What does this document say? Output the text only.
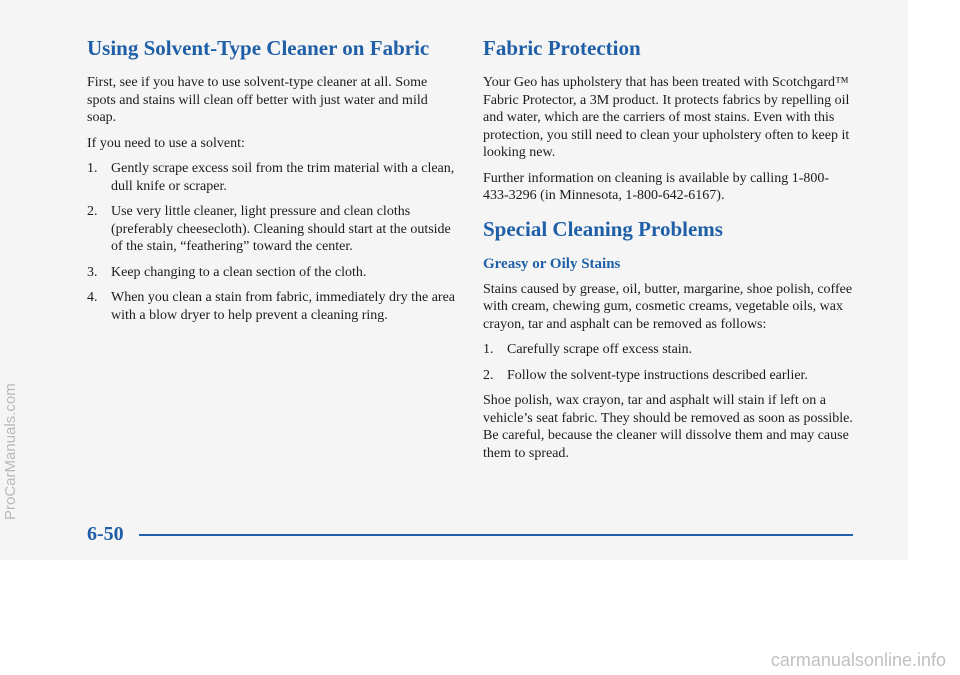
Using Solvent-Type Cleaner on Fabric

First, see if you have to use solvent-type cleaner at all. Some spots and stains will clean off better with just water and mild soap.

If you need to use a solvent:

1. Gently scrape excess soil from the trim material with a clean, dull knife or scraper.
2. Use very little cleaner, light pressure and clean cloths (preferably cheesecloth). Cleaning should start at the outside of the stain, “feathering” toward the center.
3. Keep changing to a clean section of the cloth.
4. When you clean a stain from fabric, immediately dry the area with a blow dryer to help prevent a cleaning ring.
Fabric Protection

Your Geo has upholstery that has been treated with Scotchgard™ Fabric Protector, a 3M product. It protects fabrics by repelling oil and water, which are the carriers of most stains. Even with this protection, you still need to clean your upholstery often to keep it looking new.

Further information on cleaning is available by calling 1-800-433-3296 (in Minnesota, 1-800-642-6167).

Special Cleaning Problems
Greasy or Oily Stains

Stains caused by grease, oil, butter, margarine, shoe polish, coffee with cream, chewing gum, cosmetic creams, vegetable oils, wax crayon, tar and asphalt can be removed as follows:

1. Carefully scrape off excess stain.
2. Follow the solvent-type instructions described earlier.

Shoe polish, wax crayon, tar and asphalt will stain if left on a vehicle’s seat fabric. They should be removed as soon as possible. Be careful, because the cleaner will dissolve them and may cause them to spread.

6-50
ProCarManuals.com
carmanualsonline.info
